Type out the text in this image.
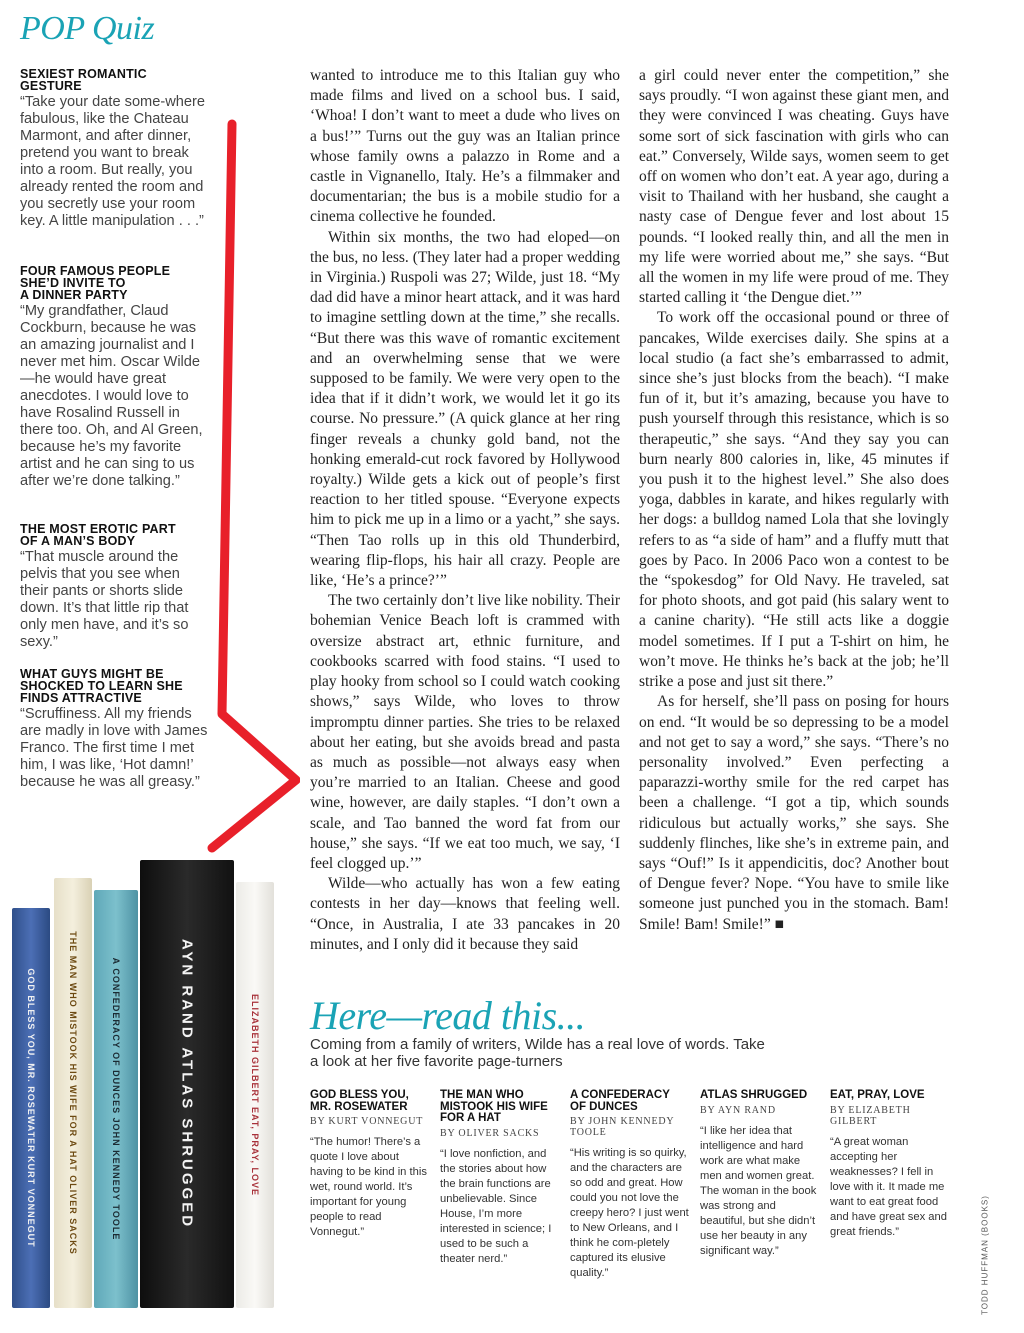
POP Quiz
SEXIEST ROMANTIC
GESTURE

“Take your date some-where fabulous, like the Chateau Marmont, and after dinner, pretend you want to break into a room. But really, you already rented the room and you secretly use your room key. A little manipulation . . .”

FOUR FAMOUS PEOPLE
SHE’D INVITE TO
A DINNER PARTY

“My grandfather, Claud Cockburn, because he was an amazing journalist and I never met him. Oscar Wilde—he would have great anecdotes. I would love to have Rosalind Russell in there too. Oh, and Al Green, because he’s my favorite artist and he can sing to us after we’re done talking.”

THE MOST EROTIC PART
OF A MAN’S BODY

“That muscle around the pelvis that you see when their pants or shorts slide down. It’s that little rip that only men have, and it’s so sexy.”

WHAT GUYS MIGHT BE
SHOCKED TO LEARN SHE
FINDS ATTRACTIVE

“Scruffiness. All my friends are madly in love with James Franco. The first time I met him, I was like, ‘Hot damn!’ because he was all greasy.”

wanted to introduce me to this Italian guy who made films and lived on a school bus. I said, ‘Whoa! I don’t want to meet a dude who lives on a bus!’” Turns out the guy was an Italian prince whose family owns a palazzo in Rome and a castle in Vignanello, Italy. He’s a filmmaker and documentarian; the bus is a mobile studio for a cinema collective he founded.

Within six months, the two had eloped—on the bus, no less. (They later had a proper wedding in Virginia.) Ruspoli was 27; Wilde, just 18. “My dad did have a minor heart attack, and it was hard to imagine settling down at the time,” she recalls. “But there was this wave of romantic excitement and an overwhelming sense that we were supposed to be family. We were very open to the idea that if it didn’t work, we would let it go its course. No pressure.” (A quick glance at her ring finger reveals a chunky gold band, not the honking emerald-cut rock favored by Hollywood royalty.) Wilde gets a kick out of people’s first reaction to her titled spouse. “Everyone expects him to pick me up in a limo or a yacht,” she says. “Then Tao rolls up in this old Thunderbird, wearing flip-flops, his hair all crazy. People are like, ‘He’s a prince?’”

The two certainly don’t live like nobility. Their bohemian Venice Beach loft is crammed with oversize abstract art, ethnic furniture, and cookbooks scarred with food stains. “I used to play hooky from school so I could watch cooking shows,” says Wilde, who loves to throw impromptu dinner parties. She tries to be relaxed about her eating, but she avoids bread and pasta as much as possible—not always easy when you’re married to an Italian. Cheese and good wine, however, are daily staples. “I don’t own a scale, and Tao banned the word fat from our house,” she says. “If we eat too much, we say, ‘I feel clogged up.’”

Wilde—who actually has won a few eating contests in her day—knows that feeling well. “Once, in Australia, I ate 33 pancakes in 20 minutes, and I only did it because they said

a girl could never enter the competition,” she says proudly. “I won against these giant men, and they were convinced I was cheating. Guys have some sort of sick fascination with girls who can eat.” Conversely, Wilde says, women seem to get off on women who don’t eat. A year ago, during a visit to Thailand with her husband, she caught a nasty case of Dengue fever and lost about 15 pounds. “I looked really thin, and all the men in my life were worried about me,” she says. “But all the women in my life were proud of me. They started calling it ‘the Dengue diet.’”

To work off the occasional pound or three of pancakes, Wilde exercises daily. She spins at a local studio (a fact she’s embarrassed to admit, since she’s just blocks from the beach). “I make fun of it, but it’s amazing, because you have to push yourself through this resistance, which is so therapeutic,” she says. “And they say you can burn nearly 800 calories in, like, 45 minutes if you push it to the highest level.” She also does yoga, dabbles in karate, and hikes regularly with her dogs: a bulldog named Lola that she lovingly refers to as “a side of ham” and a fluffy mutt that goes by Paco. In 2006 Paco won a contest to be the “spokesdog” for Old Navy. He traveled, sat for photo shoots, and got paid (his salary went to a canine charity). “He still acts like a doggie model sometimes. If I put a T-shirt on him, he won’t move. He thinks he’s back at the job; he’ll strike a pose and just sit there.”

As for herself, she’ll pass on posing for hours on end. “It would be so depressing to be a model and not get to say a word,” she says. “There’s no personality involved.” Even perfecting a paparazzi-worthy smile for the red carpet has been a challenge. “I got a tip, which sounds ridiculous but actually works,” she says. She suddenly flinches, like she’s in extreme pain, and says “Ouf!” Is it appendicitis, doc? Another bout of Dengue fever? Nope. “You have to smile like someone just punched you in the stomach. Bam! Smile! Bam! Smile!” ■

GOD BLESS YOU, MR. ROSEWATER KURT VONNEGUT	THE MAN WHO MISTOOK HIS WIFE FOR A HAT OLIVER SACKS	A CONFEDERACY OF DUNCES JOHN KENNEDY TOOLE	AYN RAND ATLAS SHRUGGED	ELIZABETH GILBERT EAT, PRAY, LOVE Here—read this...
Coming from a family of writers, Wilde has a real love of words. Take a look at her five favorite page-turners
GOD BLESS YOU,
MR. ROSEWATER
BY KURT VONNEGUT
“The humor! There’s a quote I love about having to be kind in this wet, round world. It’s important for young people to read Vonnegut.”
THE MAN WHO
MISTOOK HIS WIFE
FOR A HAT
BY OLIVER SACKS
“I love nonfiction, and the stories about how the brain functions are unbelievable. Since House, I’m more interested in science; I used to be such a theater nerd.”
A CONFEDERACY
OF DUNCES
BY JOHN KENNEDY
TOOLE
“His writing is so quirky, and the characters are so odd and great. How could you not love the creepy hero? I just went to New Orleans, and I think he com-pletely captured its elusive quality.”
ATLAS SHRUGGED
BY AYN RAND
“I like her idea that intelligence and hard work are what make men and women great. The woman in the book was strong and beautiful, but she didn’t use her beauty in any significant way.”
EAT, PRAY, LOVE
BY ELIZABETH
GILBERT
“A great woman accepting her weaknesses? I fell in love with it. It made me want to eat great food and have great sex and great friends.”	TODD HUFFMAN (BOOKS)
